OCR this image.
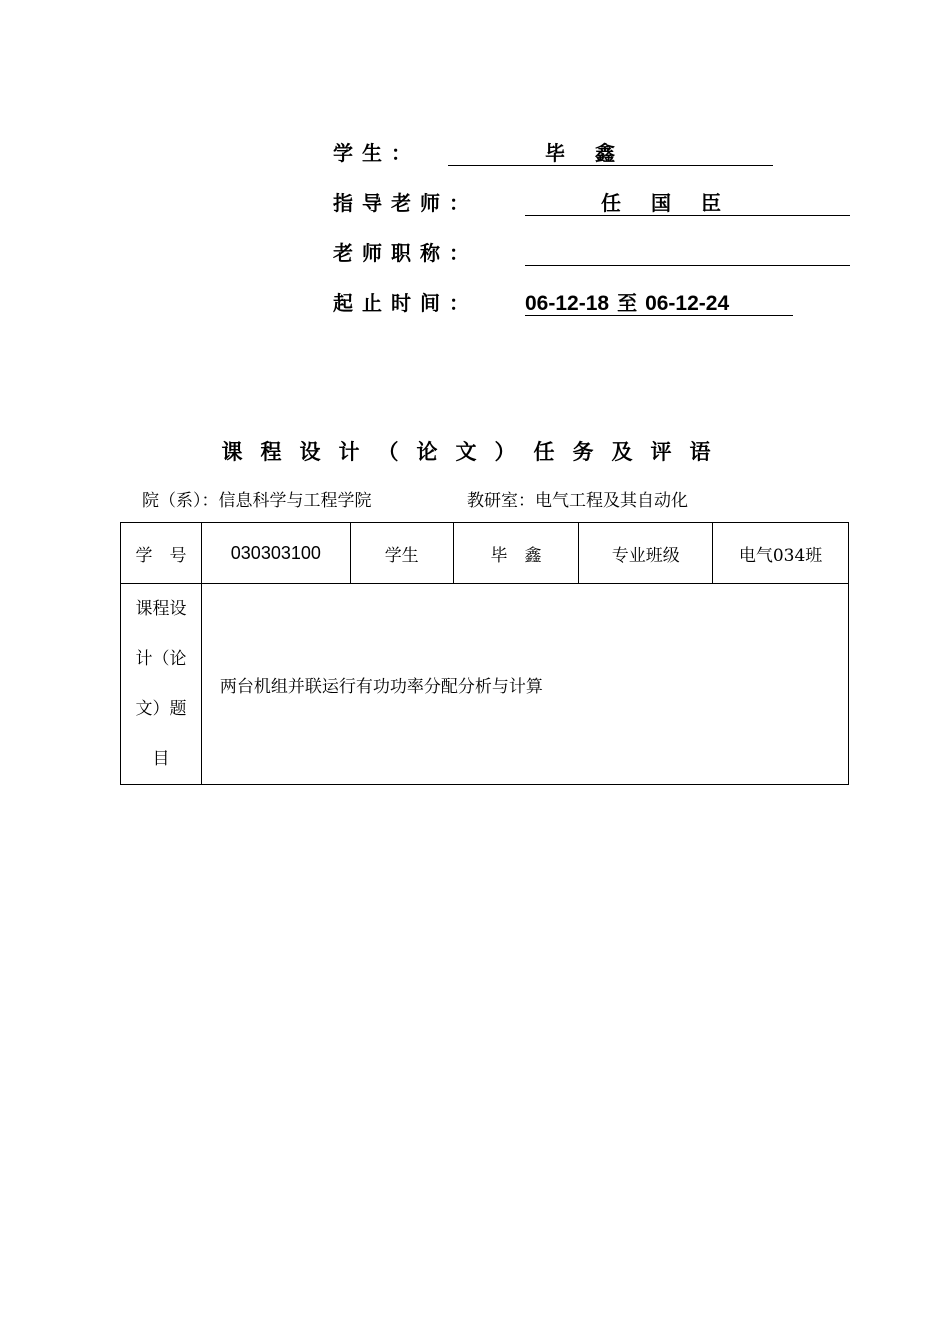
学生：	毕鑫
指导老师：	任国臣
老师职称：
起止时间： 06-12-18 至 06-12-24
课程设计（论文）任务及评语
院（系）：信息科学与工程学院	教研室：电气工程及其自动化
学　号	030303100	学生	毕　鑫	专业班级	电气034班

课程设
计（论
文）题
目	两台机组并联运行有功功率分配分析与计算				
